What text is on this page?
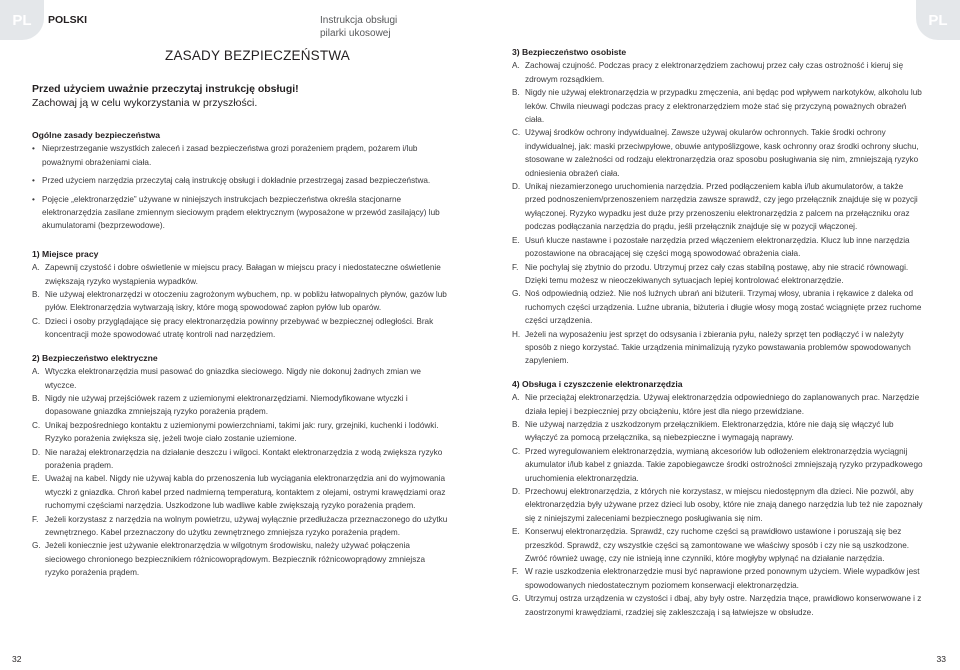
PL	PL
POLSKI	Instrukcja obsługi
pilarki ukosowej
ZASADY BEZPIECZEŃSTWA
Przed użyciem uważnie przeczytaj instrukcję obsługi!
Zachowaj ją w celu wykorzystania w przyszłości.
Ogólne zasady bezpieczeństwa
• Nieprzestrzeganie wszystkich zaleceń i zasad bezpieczeństwa grozi porażeniem prądem, pożarem i/lub poważnymi obrażeniami ciała.
• Przed użyciem narzędzia przeczytaj całą instrukcję obsługi i dokładnie przestrzegaj zasad bezpieczeństwa.
• Pojęcie „elektronarzędzie” używane w niniejszych instrukcjach bezpieczeństwa określa stacjonarne elektronarzędzia zasilane zmiennym sieciowym prądem elektrycznym (wyposażone w przewód zasilający) lub akumulatorami (bezprzewodowe).
1) Miejsce pracy
A. Zapewnij czystość i dobre oświetlenie w miejscu pracy. Bałagan w miejscu pracy i niedostateczne oświetlenie zwiększają ryzyko wystąpienia wypadków.
B. Nie używaj elektronarzędzi w otoczeniu zagrożonym wybuchem, np. w pobliżu łatwopalnych płynów, gazów lub pyłów. Elektronarzędzia wytwarzają iskry, które mogą spowodować zapłon pyłów lub oparów.
C. Dzieci i osoby przyglądające się pracy elektronarzędzia powinny przebywać w bezpiecznej odległości. Brak koncentracji może spowodować utratę kontroli nad narzędziem.
2) Bezpieczeństwo elektryczne
A. Wtyczka elektronarzędzia musi pasować do gniazdka sieciowego. Nigdy nie dokonuj żadnych zmian we wtyczce.
B. Nigdy nie używaj przejściówek razem z uziemionymi elektronarzędziami. Niemodyfikowane wtyczki i dopasowane gniazdka zmniejszają ryzyko porażenia prądem.
C. Unikaj bezpośredniego kontaktu z uziemionymi powierzchniami, takimi jak: rury, grzejniki, kuchenki i lodówki. Ryzyko porażenia zwiększa się, jeżeli twoje ciało zostanie uziemione.
D. Nie narażaj elektronarzędzia na działanie deszczu i wilgoci. Kontakt elektronarzędzia z wodą zwiększa ryzyko porażenia prądem.
E. Uważaj na kabel. Nigdy nie używaj kabla do przenoszenia lub wyciągania elektronarzędzia ani do wyjmowania wtyczki z gniazdka. Chroń kabel przed nadmierną temperaturą, kontaktem z olejami, ostrymi krawędziami oraz ruchomymi częściami narzędzia. Uszkodzone lub wadliwe kable zwiększają ryzyko porażenia prądem.
F. Jeżeli korzystasz z narzędzia na wolnym powietrzu, używaj wyłącznie przedłużacza przeznaczonego do użytku zewnętrznego. Kabel przeznaczony do użytku zewnętrznego zmniejsza ryzyko porażenia prądem.
G. Jeżeli koniecznie jest używanie elektronarzędzia w wilgotnym środowisku, należy używać połączenia sieciowego chronionego bezpiecznikiem różnicowoprądowym. Bezpiecznik różnicowoprądowy zmniejsza ryzyko porażenia prądem.
3) Bezpieczeństwo osobiste
A. Zachowaj czujność. Podczas pracy z elektronarzędziem zachowuj przez cały czas ostrożność i kieruj się zdrowym rozsądkiem.
B. Nigdy nie używaj elektronarzędzia w przypadku zmęczenia, ani będąc pod wpływem narkotyków, alkoholu lub leków. Chwila nieuwagi podczas pracy z elektronarzędziem może stać się przyczyną poważnych obrażeń ciała.
C. Używaj środków ochrony indywidualnej. Zawsze używaj okularów ochronnych. Takie środki ochrony indywidualnej, jak: maski przeciwpyłowe, obuwie antypoślizgowe, kask ochronny oraz środki ochrony słuchu, stosowane w zależności od rodzaju elektronarzędzia oraz sposobu posługiwania się nim, zmniejszają ryzyko odniesienia obrażeń ciała.
D. Unikaj niezamierzonego uruchomienia narzędzia. Przed podłączeniem kabla i/lub akumulatorów, a także przed podnoszeniem/przenoszeniem narzędzia zawsze sprawdź, czy jego przełącznik znajduje się w pozycji wyłączonej. Ryzyko wypadku jest duże przy przenoszeniu elektronarzędzia z palcem na przełączniku oraz podczas podłączania narzędzia do prądu, jeśli przełącznik znajduje się w pozycji włączonej.
E. Usuń klucze nastawne i pozostałe narzędzia przed włączeniem elektronarzędzia. Klucz lub inne narzędzia pozostawione na obracającej się części mogą spowodować obrażenia ciała.
F. Nie pochylaj się zbytnio do przodu. Utrzymuj przez cały czas stabilną postawę, aby nie stracić równowagi. Dzięki temu możesz w nieoczekiwanych sytuacjach lepiej kontrolować elektronarzędzie.
G. Noś odpowiednią odzież. Nie noś luźnych ubrań ani biżuterii. Trzymaj włosy, ubrania i rękawice z daleka od ruchomych części urządzenia. Luźne ubrania, biżuteria i długie włosy mogą zostać wciągnięte przez ruchome części urządzenia.
H. Jeżeli na wyposażeniu jest sprzęt do odsysania i zbierania pyłu, należy sprzęt ten podłączyć i w należyty sposób z niego korzystać. Takie urządzenia minimalizują ryzyko powstawania problemów spowodowanych zapyleniem.
4) Obsługa i czyszczenie elektronarzędzia
A. Nie przeciążaj elektronarzędzia. Używaj elektronarzędzia odpowiedniego do zaplanowanych prac. Narzędzie działa lepiej i bezpieczniej przy obciążeniu, które jest dla niego przewidziane.
B. Nie używaj narzędzia z uszkodzonym przełącznikiem. Elektronarzędzia, które nie dają się włączyć lub wyłączyć za pomocą przełącznika, są niebezpieczne i wymagają naprawy.
C. Przed wyregulowaniem elektronarzędzia, wymianą akcesoriów lub odłożeniem elektronarzędzia wyciągnij akumulator i/lub kabel z gniazda. Takie zapobiegawcze środki ostrożności zmniejszają ryzyko przypadkowego uruchomienia elektronarzędzia.
D. Przechowuj elektronarzędzia, z których nie korzystasz, w miejscu niedostępnym dla dzieci. Nie pozwól, aby elektronarzędzia były używane przez dzieci lub osoby, które nie znają danego narzędzia lub też nie zapoznały się z niniejszymi zaleceniami bezpiecznego posługiwania się nim.
E. Konserwuj elektronarzędzia. Sprawdź, czy ruchome części są prawidłowo ustawione i poruszają się bez przeszkód. Sprawdź, czy wszystkie części są zamontowane we właściwy sposób i czy nie są uszkodzone. Zwróć również uwagę, czy nie istnieją inne czynniki, które mogłyby wpłynąć na działanie narzędzia.
F. W razie uszkodzenia elektronarzędzie musi być naprawione przed ponownym użyciem. Wiele wypadków jest spowodowanych niedostatecznym poziomem konserwacji elektronarzędzia.
G. Utrzymuj ostrza urządzenia w czystości i dbaj, aby były ostre. Narzędzia tnące, prawidłowo konserwowane i z zaostrzonymi krawędziami, rzadziej się zakleszczają i są łatwiejsze w obsłudze.
32	33
